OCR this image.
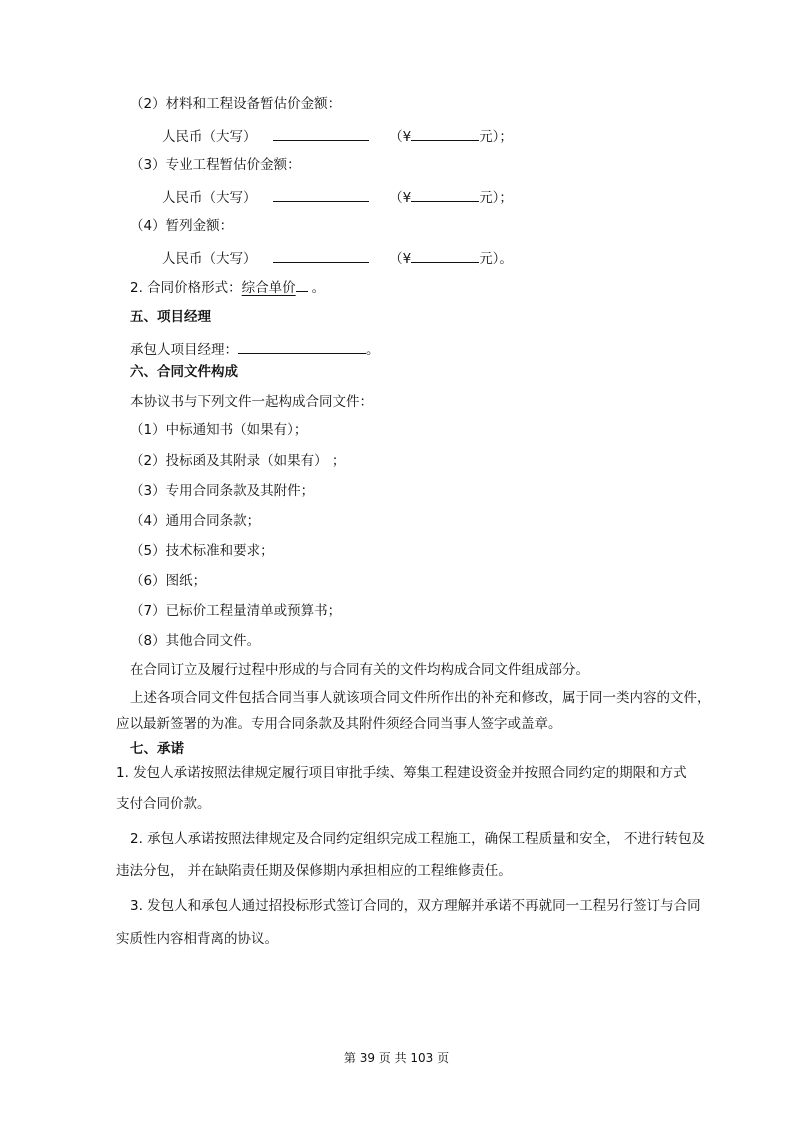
（2）材料和工程设备暂估价金额：
人民币（大写）	（¥	元）；
（3）专业工程暂估价金额：
人民币（大写）	（¥	元）；
（4）暂列金额：
人民币（大写）	（¥	元）。
2. 合同价格形式：综合单价 。
五、项目经理
承包人项目经理：	。
六、合同文件构成
本协议书与下列文件一起构成合同文件：
（1）中标通知书（如果有）；
（2）投标函及其附录（如果有） ；
（3）专用合同条款及其附件；
（4）通用合同条款；
（5）技术标准和要求；
（6）图纸；
（7）已标价工程量清单或预算书；
（8）其他合同文件。
在合同订立及履行过程中形成的与合同有关的文件均构成合同文件组成部分。
上述各项合同文件包括合同当事人就该项合同文件所作出的补充和修改，属于同一类内容的文件，
应以最新签署的为准。专用合同条款及其附件须经合同当事人签字或盖章。
七、承诺
1. 发包人承诺按照法律规定履行项目审批手续、筹集工程建设资金并按照合同约定的期限和方式
支付合同价款。
2. 承包人承诺按照法律规定及合同约定组织完成工程施工，确保工程质量和安全， 不进行转包及
违法分包， 并在缺陷责任期及保修期内承担相应的工程维修责任。
3. 发包人和承包人通过招投标形式签订合同的，双方理解并承诺不再就同一工程另行签订与合同
实质性内容相背离的协议。
第 39 页 共 103 页
